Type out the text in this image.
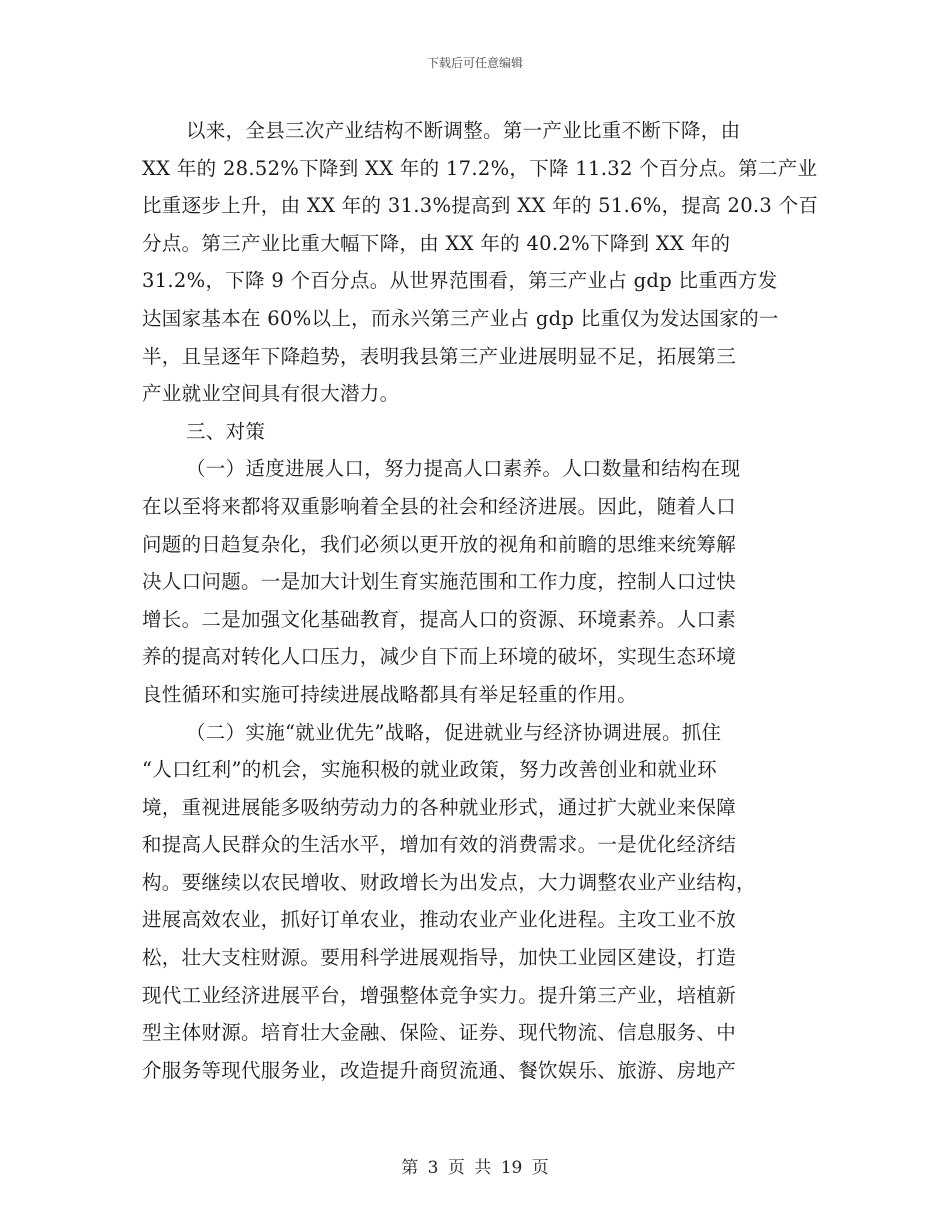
下载后可任意编辑
以来，全县三次产业结构不断调整。第一产业比重不断下降，由
XX 年的 28.52%下降到 XX 年的 17.2%，下降 11.32 个百分点。第二产业
比重逐步上升，由 XX 年的 31.3%提高到 XX 年的 51.6%，提高 20.3 个百
分点。第三产业比重大幅下降，由 XX 年的 40.2%下降到 XX 年的
31.2%，下降 9 个百分点。从世界范围看，第三产业占 gdp 比重西方发
达国家基本在 60%以上，而永兴第三产业占 gdp 比重仅为发达国家的一
半，且呈逐年下降趋势，表明我县第三产业进展明显不足，拓展第三
产业就业空间具有很大潜力。
三、对策
（一）适度进展人口，努力提高人口素养。人口数量和结构在现
在以至将来都将双重影响着全县的社会和经济进展。因此，随着人口
问题的日趋复杂化，我们必须以更开放的视角和前瞻的思维来统筹解
决人口问题。一是加大计划生育实施范围和工作力度，控制人口过快
增长。二是加强文化基础教育，提高人口的资源、环境素养。人口素
养的提高对转化人口压力，减少自下而上环境的破坏，实现生态环境
良性循环和实施可持续进展战略都具有举足轻重的作用。
（二）实施“就业优先”战略，促进就业与经济协调进展。抓住
“人口红利”的机会，实施积极的就业政策，努力改善创业和就业环
境，重视进展能多吸纳劳动力的各种就业形式，通过扩大就业来保障
和提高人民群众的生活水平，增加有效的消费需求。一是优化经济结
构。要继续以农民增收、财政增长为出发点，大力调整农业产业结构，
进展高效农业，抓好订单农业，推动农业产业化进程。主攻工业不放
松，壮大支柱财源。要用科学进展观指导，加快工业园区建设，打造
现代工业经济进展平台，增强整体竞争实力。提升第三产业，培植新
型主体财源。培育壮大金融、保险、证券、现代物流、信息服务、中
介服务等现代服务业，改造提升商贸流通、餐饮娱乐、旅游、房地产
第 3 页 共 19 页
